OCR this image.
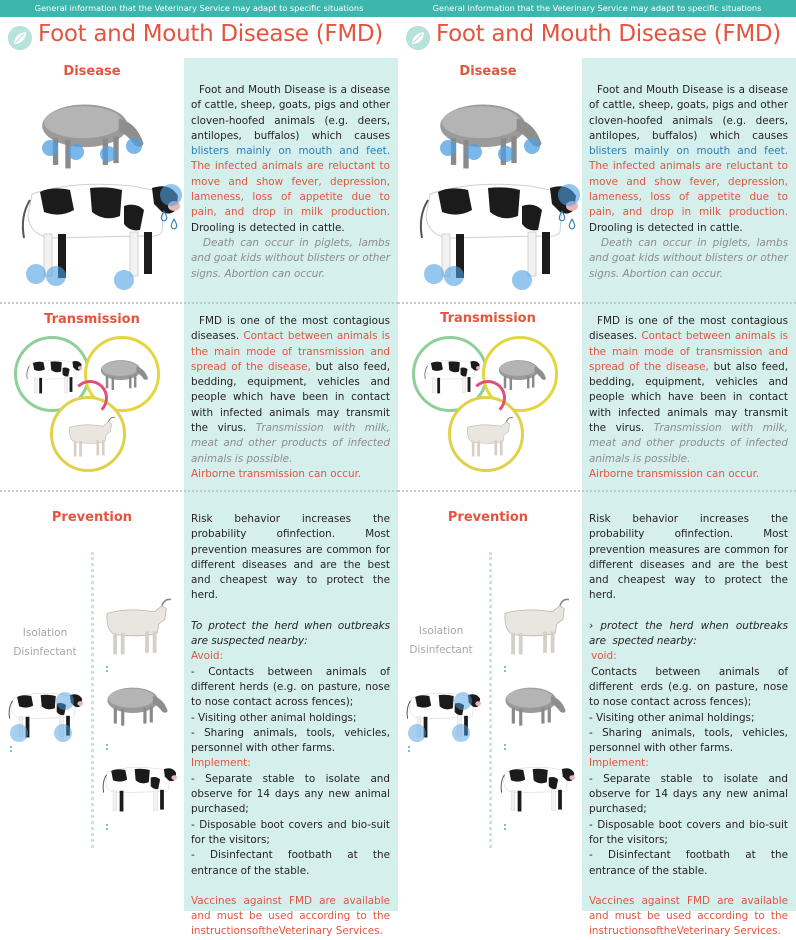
General information that the Veterinary Service may adapt to specific situations
Foot and Mouth Disease (FMD)
Disease

Foot and Mouth Disease is a disease of cattle, sheep, goats, pigs and other cloven-hoofed animals (e.g. deers, antilopes, buffalos) which causes blisters mainly on mouth and feet. The infected animals are reluctant to move and show fever, depression, lameness, loss of appetite due to pain, and drop in milk production. Drooling is detected in cattle.

Death can occur in piglets, lambs and goat kids without blisters or other signs. Abortion can occur.

Transmission	FMD is one of the most contagious diseases. Contact between animals is the main mode of transmission and spread of the disease, but also feed, bedding, equipment, vehicles and people which have been in contact with infected animals may transmit the virus. Transmission with milk, meat and other products of infected animals is possible.

Airborne transmission can occur.

Prevention
Isolation
Disinfectant

Risk behavior increases the probability ofinfection. Most prevention measures are common for different diseases and are the best and cheapest way to protect the herd.

To protect the herd when outbreaks are suspected nearby:

Avoid:

- Contacts between animals of different herds (e.g. on pasture, nose to nose contact across fences);

- Visiting other animal holdings;

- Sharing animals, tools, vehicles, personnel with other farms.

Implement:

- Separate stable to isolate and observe for 14 days any new animal purchased;

- Disposable boot covers and bio-suit for the visitors;

- Disinfectant footbath at the entrance of the stable.

Vaccines against FMD are available and must be used according to the instructionsoftheVeterinary Services.

General information that the Veterinary Service may adapt to specific situations
Foot and Mouth Disease (FMD)
Disease

Foot and Mouth Disease is a disease of cattle, sheep, goats, pigs and other cloven-hoofed animals (e.g. deers, antilopes, buffalos) which causes blisters mainly on mouth and feet. The infected animals are reluctant to move and show fever, depression, lameness, loss of appetite due to pain, and drop in milk production. Drooling is detected in cattle.

Death can occur in piglets, lambs and goat kids without blisters or other signs. Abortion can occur.

Transmission	FMD is one of the most contagious diseases. Contact between animals is the main mode of transmission and spread of the disease, but also feed, bedding, equipment, vehicles and people which have been in contact with infected animals may transmit the virus. Transmission with milk, meat and other products of infected animals is possible.

Airborne transmission can occur.

Prevention
Isolation
Disinfectant

Risk behavior increases the probability ofinfection. Most prevention measures are common for different diseases and are the best and cheapest way to protect the herd.

› protect the herd when outbreaks are   spected nearby:

 void:

 Contacts between animals of different  erds (e.g. on pasture, nose to nose contact across fences);

- Visiting other animal holdings;

- Sharing animals, tools, vehicles, personnel with other farms.

Implement:

- Separate stable to isolate and observe for 14 days any new animal purchased;

- Disposable boot covers and bio-suit for the visitors;

- Disinfectant footbath at the entrance of the stable.

Vaccines against FMD are available and must be used according to the instructionsoftheVeterinary Services.
